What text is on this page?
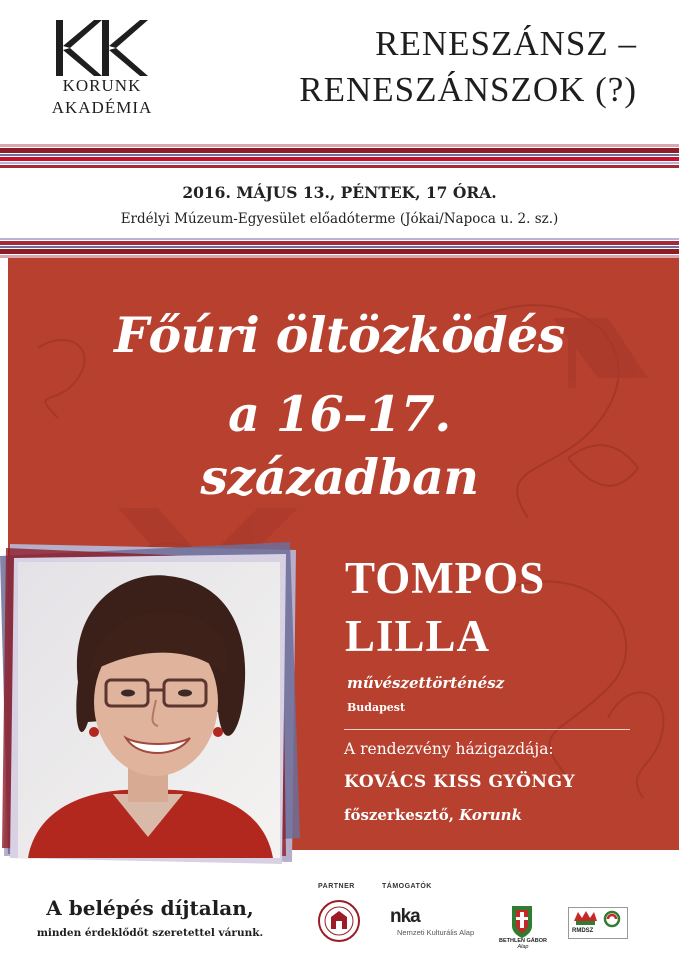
KORUNK
AKADÉMIA
RENESZÁNSZ –
RENESZÁNSZOK (?)
2016. MÁJUS 13., PÉNTEK, 17 ÓRA.
Erdélyi Múzeum-Egyesület előadóterme (Jókai/Napoca u. 2. sz.)
Főúri öltözködés
a 16–17.
században
TOMPOS
LILLA
művészettörténész
Budapest
A rendezvény házigazdája:
KOVÁCS KISS GYÖNGY
főszerkesztő, Korunk
A belépés díjtalan,
minden érdeklődőt szeretettel várunk.
PARTNER	TÁMOGATÓK
nka
Nemzeti Kulturális Alap
BETHLEN GÁBOR
Alap
RMDSZ
